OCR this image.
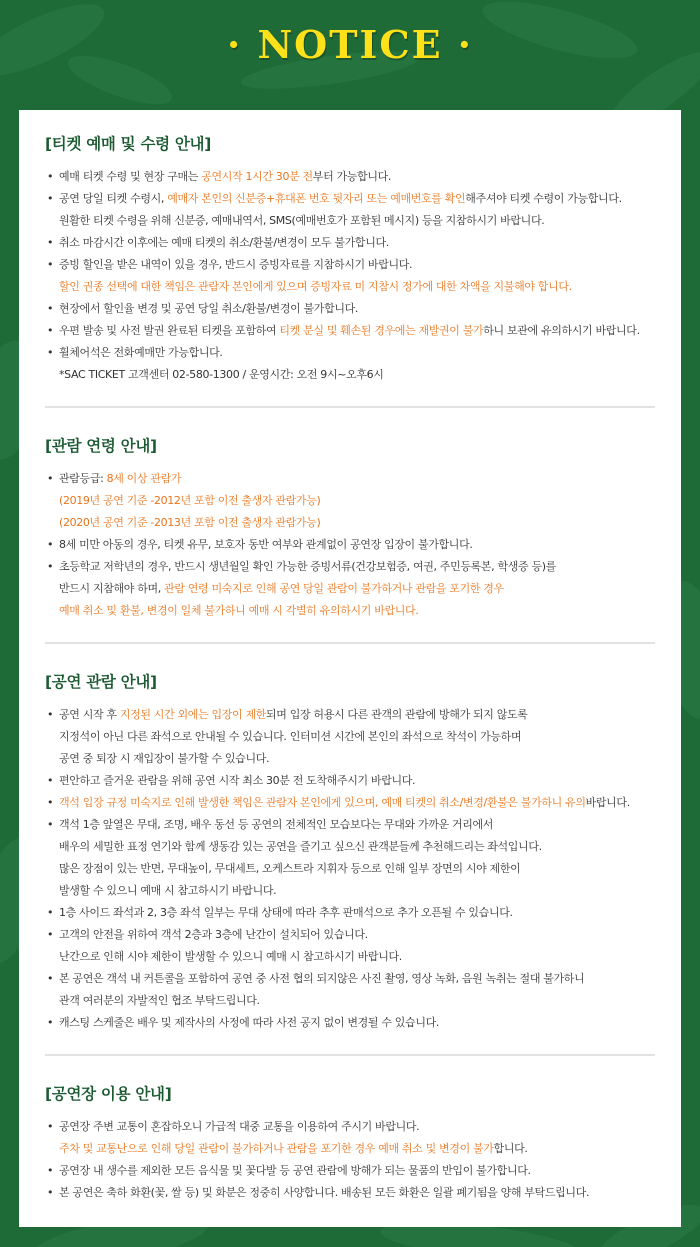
· NOTICE ·
[티켓 예매 및 수령 안내]
• 예매 티켓 수령 및 현장 구매는 공연시작 1시간 30분 전부터 가능합니다.
• 공연 당일 티켓 수령시, 예매자 본인의 신분증+휴대폰 번호 뒷자리 또는 예매번호를 확인해주셔야 티켓 수령이 가능합니다.
원활한 티켓 수령을 위해 신분증, 예매내역서, SMS(예매번호가 포함된 메시지) 등을 지참하시기 바랍니다.
• 취소 마감시간 이후에는 예매 티켓의 취소/환불/변경이 모두 불가합니다.
• 증빙 할인을 받은 내역이 있을 경우, 반드시 증빙자료를 지참하시기 바랍니다.
할인 권종 선택에 대한 책임은 관람자 본인에게 있으며 증빙자료 미 지참시 정가에 대한 차액을 지불해야 합니다.
• 현장에서 할인율 변경 및 공연 당일 취소/환불/변경이 불가합니다.
• 우편 발송 및 사전 발권 완료된 티켓을 포함하여 티켓 분실 및 훼손된 경우에는 재발권이 불가하니 보관에 유의하시기 바랍니다.
• 휠체어석은 전화예매만 가능합니다.
*SAC TICKET 고객센터 02-580-1300 / 운영시간: 오전 9시~오후6시
[관람 연령 안내]
• 관람등급: 8세 이상 관람가
(2019년 공연 기준 -2012년 포함 이전 출생자 관람가능)
(2020년 공연 기준 -2013년 포함 이전 출생자 관람가능)
• 8세 미만 아동의 경우, 티켓 유무, 보호자 동반 여부와 관계없이 공연장 입장이 불가합니다.
• 초등학교 저학년의 경우, 반드시 생년월일 확인 가능한 증빙서류(건강보험증, 여권, 주민등록본, 학생증 등)를
반드시 지참해야 하며, 관람 연령 미숙지로 인해 공연 당일 관람이 불가하거나 관람을 포기한 경우
예매 취소 및 환불, 변경이 일체 불가하니 예매 시 각별히 유의하시기 바랍니다.
[공연 관람 안내]
• 공연 시작 후 지정된 시간 외에는 입장이 제한되며 입장 허용시 다른 관객의 관람에 방해가 되지 않도록
지정석이 아닌 다른 좌석으로 안내될 수 있습니다. 인터미션 시간에 본인의 좌석으로 착석이 가능하며
공연 중 퇴장 시 재입장이 불가할 수 있습니다.
• 편안하고 즐거운 관람을 위해 공연 시작 최소 30분 전 도착해주시기 바랍니다.
• 객석 입장 규정 미숙지로 인해 발생한 책임은 관람자 본인에게 있으며, 예매 티켓의 취소/변경/환불은 불가하니 유의바랍니다.
• 객석 1층 앞열은 무대, 조명, 배우 동선 등 공연의 전체적인 모습보다는 무대와 가까운 거리에서
배우의 세밀한 표정 연기와 함께 생동감 있는 공연을 즐기고 싶으신 관객분들께 추천해드리는 좌석입니다.
많은 장점이 있는 반면, 무대높이, 무대세트, 오케스트라 지휘자 등으로 인해 일부 장면의 시야 제한이
발생할 수 있으니 예매 시 참고하시기 바랍니다.
• 1층 사이드 좌석과 2, 3층 좌석 일부는 무대 상태에 따라 추후 판매석으로 추가 오픈될 수 있습니다.
• 고객의 안전을 위하여 객석 2층과 3층에 난간이 설치되어 있습니다.
난간으로 인해 시야 제한이 발생할 수 있으니 예매 시 참고하시기 바랍니다.
• 본 공연은 객석 내 커튼콜을 포함하여 공연 중 사전 협의 되지않은 사진 촬영, 영상 녹화, 음원 녹취는 절대 불가하니
관객 여러분의 자발적인 협조 부탁드립니다.
• 캐스팅 스케줄은 배우 및 제작사의 사정에 따라 사전 공지 없이 변경될 수 있습니다.
[공연장 이용 안내]
• 공연장 주변 교통이 혼잡하오니 가급적 대중 교통을 이용하여 주시기 바랍니다.
주차 및 교통난으로 인해 당일 관람이 불가하거나 관람을 포기한 경우 예매 취소 및 변경이 불가합니다.
• 공연장 내 생수를 제외한 모든 음식물 및 꽃다발 등 공연 관람에 방해가 되는 물품의 반입이 불가합니다.
• 본 공연은 축하 화환(꽃, 쌀 등) 및 화분은 정중히 사양합니다. 배송된 모든 화환은 일괄 폐기됨을 양해 부탁드립니다.
